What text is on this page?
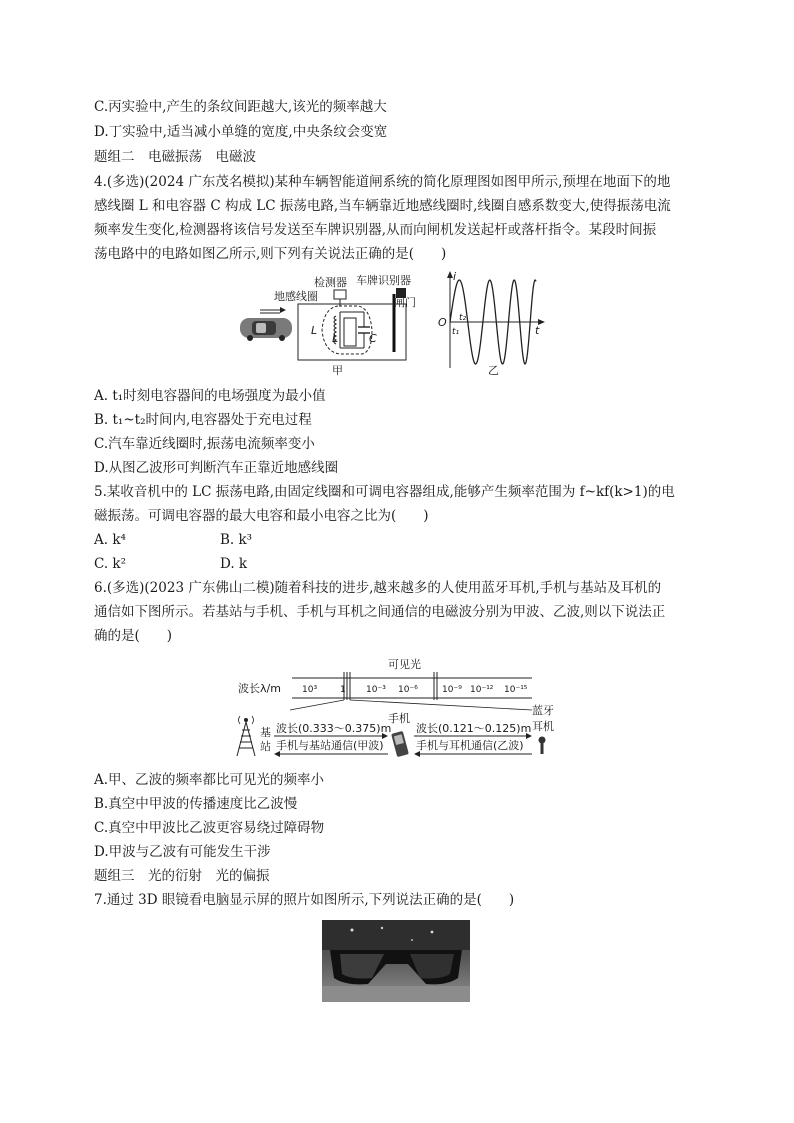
C.丙实验中,产生的条纹间距越大,该光的频率越大
D.丁实验中,适当减小单缝的宽度,中央条纹会变宽
题组二　电磁振荡　电磁波
4.(多选)(2024 广东茂名模拟)某种车辆智能道闸系统的简化原理图如图甲所示,预埋在地面下的地
感线圈 L 和电容器 C 构成 LC 振荡电路,当车辆靠近地感线圈时,线圈自感系数变大,使得振荡电流
频率发生变化,检测器将该信号发送至车牌识别器,从而向闸机发送起杆或落杆指令。某段时间振
荡电路中的电路如图乙所示,则下列有关说法正确的是(　　)
检测器 车牌识别器
闸门
地感线圈
L
L	C
甲
i
O
t
t₁
t₂
乙
A. t₁时刻电容器间的电场强度为最小值
B. t₁~t₂时间内,电容器处于充电过程
C.汽车靠近线圈时,振荡电流频率变小
D.从图乙波形可判断汽车正靠近地感线圈
5.某收音机中的 LC 振荡电路,由固定线圈和可调电容器组成,能够产生频率范围为 f~kf(k>1)的电
磁振荡。可调电容器的最大电容和最小电容之比为(　　)
A. k⁴	B. k³
C. k²	D. k
6.(多选)(2023 广东佛山二模)随着科技的进步,越来越多的人使用蓝牙耳机,手机与基站及耳机的
通信如下图所示。若基站与手机、手机与耳机之间通信的电磁波分别为甲波、乙波,则以下说法正
确的是(　　)
可见光
波长λ/m 10³	1 10⁻³ 10⁻⁶	10⁻⁹ 10⁻¹² 10⁻¹⁵
基
站
波长(0.333～0.375)m
手机与基站通信(甲波)
手机
波长(0.121～0.125)m
手机与耳机通信(乙波)
蓝牙
耳机
A.甲、乙波的频率都比可见光的频率小
B.真空中甲波的传播速度比乙波慢
C.真空中甲波比乙波更容易绕过障碍物
D.甲波与乙波有可能发生干涉
题组三　光的衍射　光的偏振
7.通过 3D 眼镜看电脑显示屏的照片如图所示,下列说法正确的是(　　)
